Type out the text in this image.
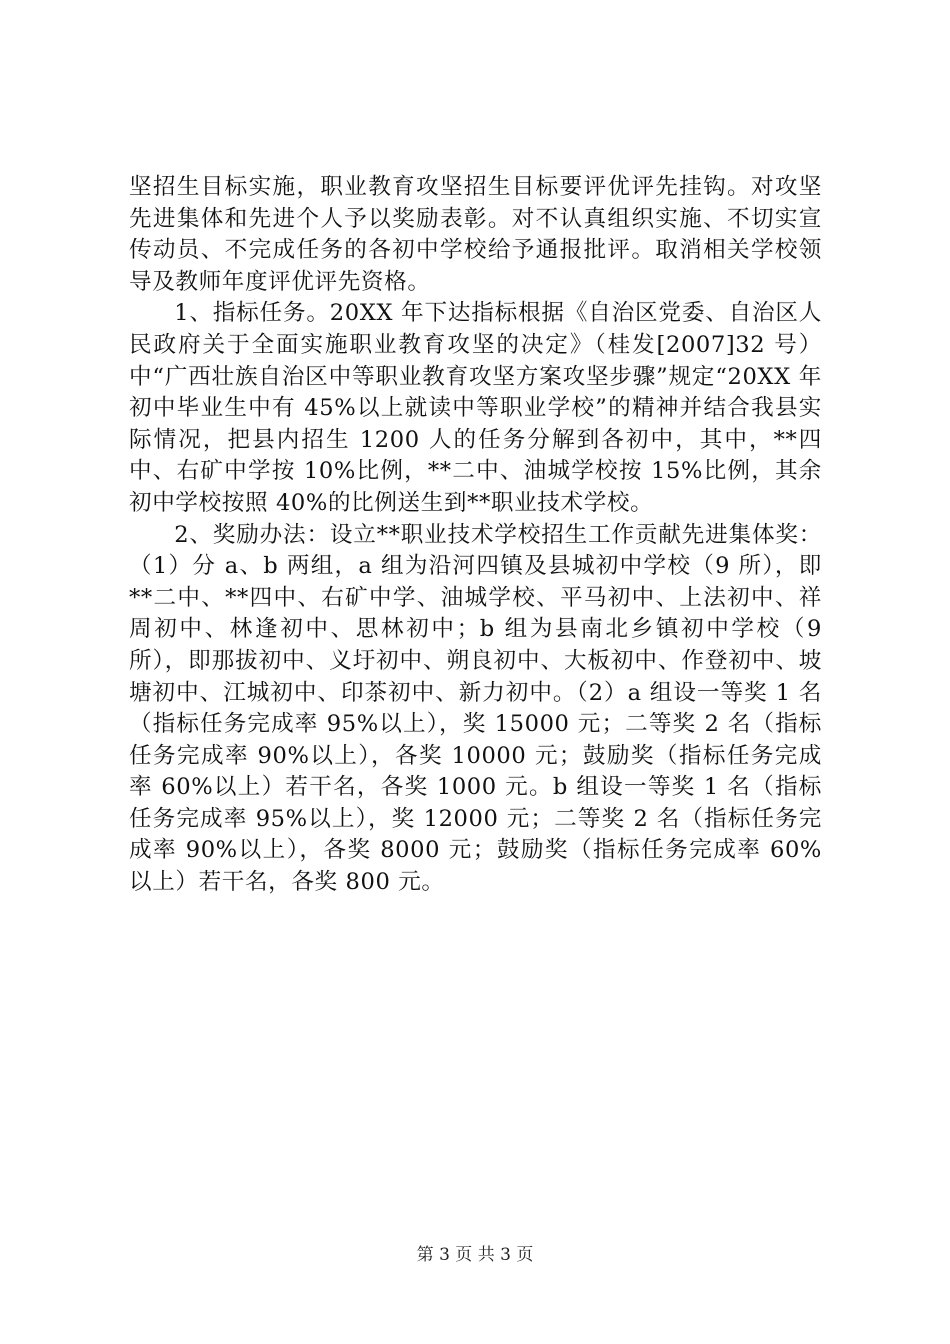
坚招生目标实施，职业教育攻坚招生目标要评优评先挂钩。对攻坚先进集体和先进个人予以奖励表彰。对不认真组织实施、不切实宣传动员、不完成任务的各初中学校给予通报批评。取消相关学校领导及教师年度评优评先资格。

1、指标任务。20XX 年下达指标根据《自治区党委、自治区人民政府关于全面实施职业教育攻坚的决定》（桂发[2007]32 号）中“广西壮族自治区中等职业教育攻坚方案攻坚步骤”规定“20XX 年初中毕业生中有 45%以上就读中等职业学校”的精神并结合我县实际情况，把县内招生 1200 人的任务分解到各初中，其中，**四中、右矿中学按 10%比例，**二中、油城学校按 15%比例，其余初中学校按照 40%的比例送生到**职业技术学校。

2、奖励办法：设立**职业技术学校招生工作贡献先进集体奖：（1）分 a、b 两组，a 组为沿河四镇及县城初中学校（9 所），即**二中、**四中、右矿中学、油城学校、平马初中、上法初中、祥周初中、林逢初中、思林初中；b 组为县南北乡镇初中学校（9 所），即那拔初中、义圩初中、朔良初中、大板初中、作登初中、坡塘初中、江城初中、印茶初中、新力初中。（2）a 组设一等奖 1 名（指标任务完成率 95%以上），奖 15000 元；二等奖 2 名（指标任务完成率 90%以上），各奖 10000 元；鼓励奖（指标任务完成率 60%以上）若干名，各奖 1000 元。b 组设一等奖 1 名（指标任务完成率 95%以上），奖 12000 元；二等奖 2 名（指标任务完成率 90%以上），各奖 8000 元；鼓励奖（指标任务完成率 60%以上）若干名，各奖 800 元。

第 3 页 共 3 页
